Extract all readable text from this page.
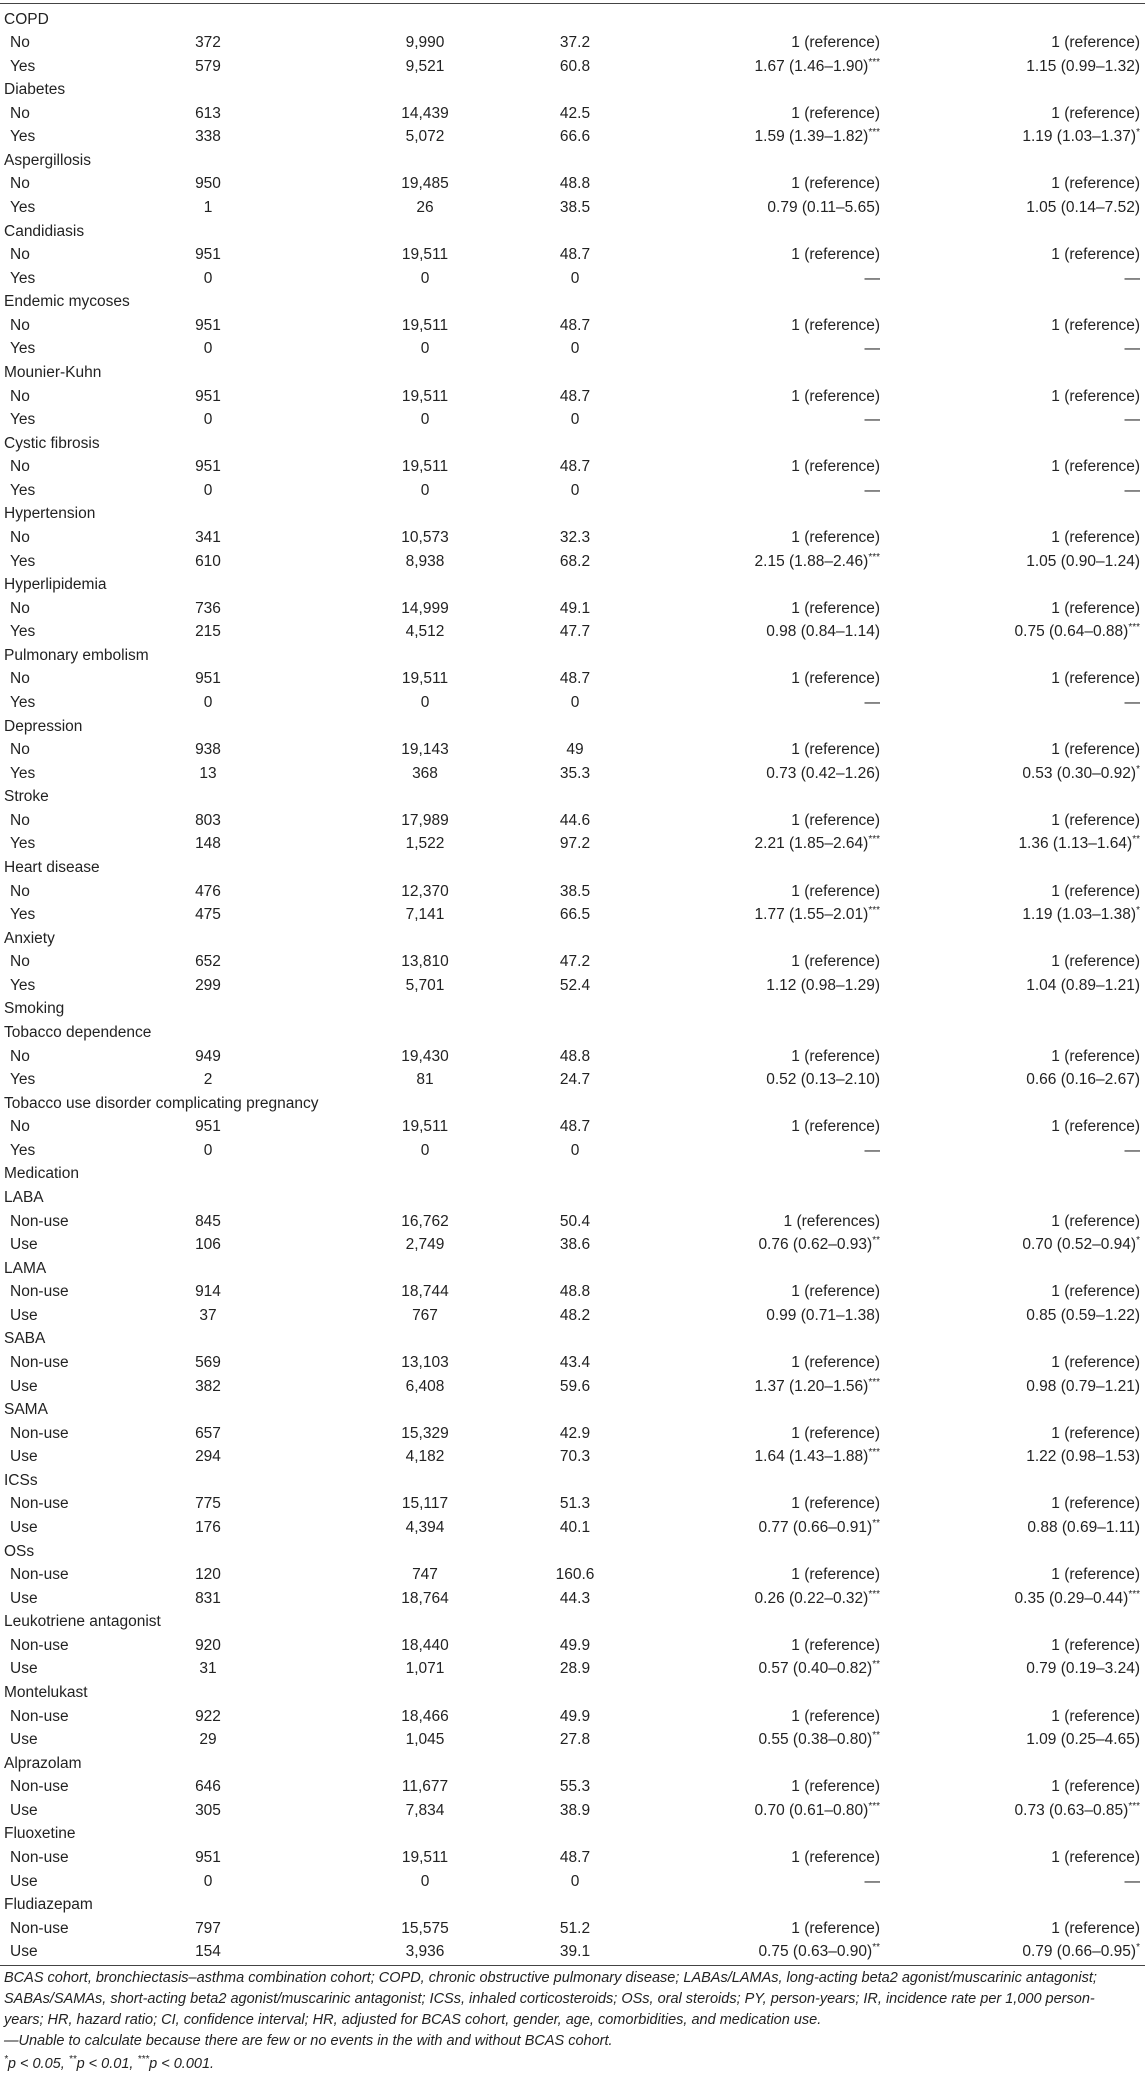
COPD
No	372	9,990	37.2	1 (reference)	1 (reference)
Yes	579	9,521	60.8	1.67 (1.46–1.90)***	1.15 (0.99–1.32)
Diabetes
No	613	14,439	42.5	1 (reference)	1 (reference)
Yes	338	5,072	66.6	1.59 (1.39–1.82)***	1.19 (1.03–1.37)*
Aspergillosis
No	950	19,485	48.8	1 (reference)	1 (reference)
Yes	1	26	38.5	0.79 (0.11–5.65)	1.05 (0.14–7.52)
Candidiasis
No	951	19,511	48.7	1 (reference)	1 (reference)
Yes	0	0	0	—	—
Endemic mycoses
No	951	19,511	48.7	1 (reference)	1 (reference)
Yes	0	0	0	—	—
Mounier-Kuhn
No	951	19,511	48.7	1 (reference)	1 (reference)
Yes	0	0	0	—	—
Cystic fibrosis
No	951	19,511	48.7	1 (reference)	1 (reference)
Yes	0	0	0	—	—
Hypertension
No	341	10,573	32.3	1 (reference)	1 (reference)
Yes	610	8,938	68.2	2.15 (1.88–2.46)***	1.05 (0.90–1.24)
Hyperlipidemia
No	736	14,999	49.1	1 (reference)	1 (reference)
Yes	215	4,512	47.7	0.98 (0.84–1.14)	0.75 (0.64–0.88)***
Pulmonary embolism
No	951	19,511	48.7	1 (reference)	1 (reference)
Yes	0	0	0	—	—
Depression
No	938	19,143	49	1 (reference)	1 (reference)
Yes	13	368	35.3	0.73 (0.42–1.26)	0.53 (0.30–0.92)*
Stroke
No	803	17,989	44.6	1 (reference)	1 (reference)
Yes	148	1,522	97.2	2.21 (1.85–2.64)***	1.36 (1.13–1.64)**
Heart disease
No	476	12,370	38.5	1 (reference)	1 (reference)
Yes	475	7,141	66.5	1.77 (1.55–2.01)***	1.19 (1.03–1.38)*
Anxiety
No	652	13,810	47.2	1 (reference)	1 (reference)
Yes	299	5,701	52.4	1.12 (0.98–1.29)	1.04 (0.89–1.21)
Smoking
Tobacco dependence
No	949	19,430	48.8	1 (reference)	1 (reference)
Yes	2	81	24.7	0.52 (0.13–2.10)	0.66 (0.16–2.67)
Tobacco use disorder complicating pregnancy
No	951	19,511	48.7	1 (reference)	1 (reference)
Yes	0	0	0	—	—
Medication
LABA
Non-use	845	16,762	50.4	1 (references)	1 (reference)
Use	106	2,749	38.6	0.76 (0.62–0.93)**	0.70 (0.52–0.94)*
LAMA
Non-use	914	18,744	48.8	1 (reference)	1 (reference)
Use	37	767	48.2	0.99 (0.71–1.38)	0.85 (0.59–1.22)
SABA
Non-use	569	13,103	43.4	1 (reference)	1 (reference)
Use	382	6,408	59.6	1.37 (1.20–1.56)***	0.98 (0.79–1.21)
SAMA
Non-use	657	15,329	42.9	1 (reference)	1 (reference)
Use	294	4,182	70.3	1.64 (1.43–1.88)***	1.22 (0.98–1.53)
ICSs
Non-use	775	15,117	51.3	1 (reference)	1 (reference)
Use	176	4,394	40.1	0.77 (0.66–0.91)**	0.88 (0.69–1.11)
OSs
Non-use	120	747	160.6	1 (reference)	1 (reference)
Use	831	18,764	44.3	0.26 (0.22–0.32)***	0.35 (0.29–0.44)***
Leukotriene antagonist
Non-use	920	18,440	49.9	1 (reference)	1 (reference)
Use	31	1,071	28.9	0.57 (0.40–0.82)**	0.79 (0.19–3.24)
Montelukast
Non-use	922	18,466	49.9	1 (reference)	1 (reference)
Use	29	1,045	27.8	0.55 (0.38–0.80)**	1.09 (0.25–4.65)
Alprazolam
Non-use	646	11,677	55.3	1 (reference)	1 (reference)
Use	305	7,834	38.9	0.70 (0.61–0.80)***	0.73 (0.63–0.85)***
Fluoxetine
Non-use	951	19,511	48.7	1 (reference)	1 (reference)
Use	0	0	0	—	—
Fludiazepam
Non-use	797	15,575	51.2	1 (reference)	1 (reference)
Use	154	3,936	39.1	0.75 (0.63–0.90)**	0.79 (0.66–0.95)*
BCAS cohort, bronchiectasis–asthma combination cohort; COPD, chronic obstructive pulmonary disease; LABAs/LAMAs, long-acting beta2 agonist/muscarinic antagonist; SABAs/SAMAs, short-acting beta2 agonist/muscarinic antagonist; ICSs, inhaled corticosteroids; OSs, oral steroids; PY, person-years; IR, incidence rate per 1,000 person-years; HR, hazard ratio; CI, confidence interval; HR, adjusted for BCAS cohort, gender, age, comorbidities, and medication use.
—Unable to calculate because there are few or no events in the with and without BCAS cohort.
*p < 0.05, **p < 0.01, ***p < 0.001.
